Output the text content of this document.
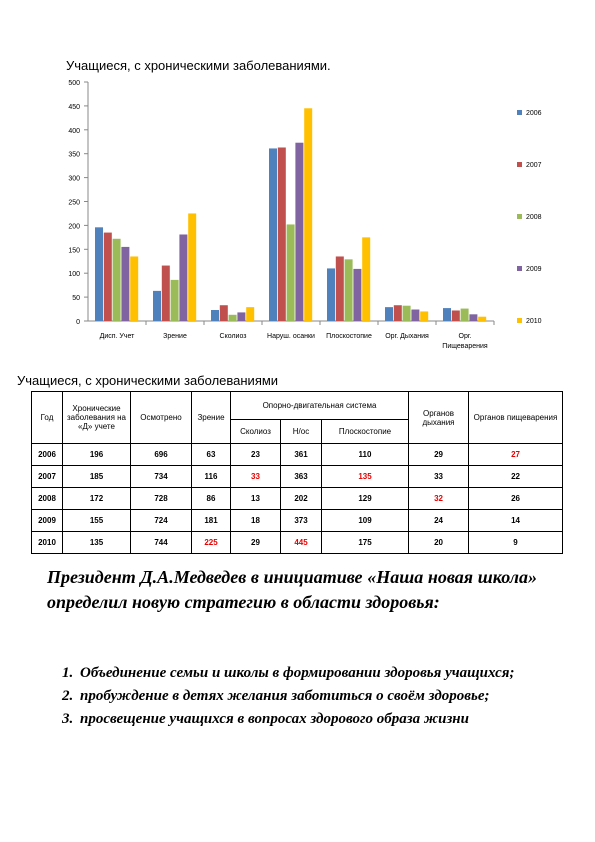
Учащиеся, с хроническими заболеваниями.
0
50
100
150
200
250
300
350
400
450
500
Дисп. Учет	Зрение	Сколиоз	Наруш. осанки Плоскостопие Орг. Дыхания	Орг. Пищеварения
2006
2007
2008
2009
2010
Учащиеся, с хроническими заболеваниями
Год	Хронические заболевания на «Д» учете	Осмотрено	Зрение	Опорно-двигательная система			Органов дыхания	Органов пищеварения
				Сколиоз	Н/ос	Плоскостопие		
2006	196	696	63	23	361	110	29	27
2007	185	734	116	33	363	135	33	22
2008	172	728	86	13	202	129	32	26
2009	155	724	181	18	373	109	24	14
2010	135	744	225	29	445	175	20	9
Президент Д.А.Медведев в инициативе «Наша новая школа» определил новую стратегию в области здоровья:
1. Объединение семьи и школы в формировании здоровья учащихся;
2. пробуждение в детях желания заботиться о своём здоровье;
3. просвещение учащихся в вопросах здорового образа жизни
